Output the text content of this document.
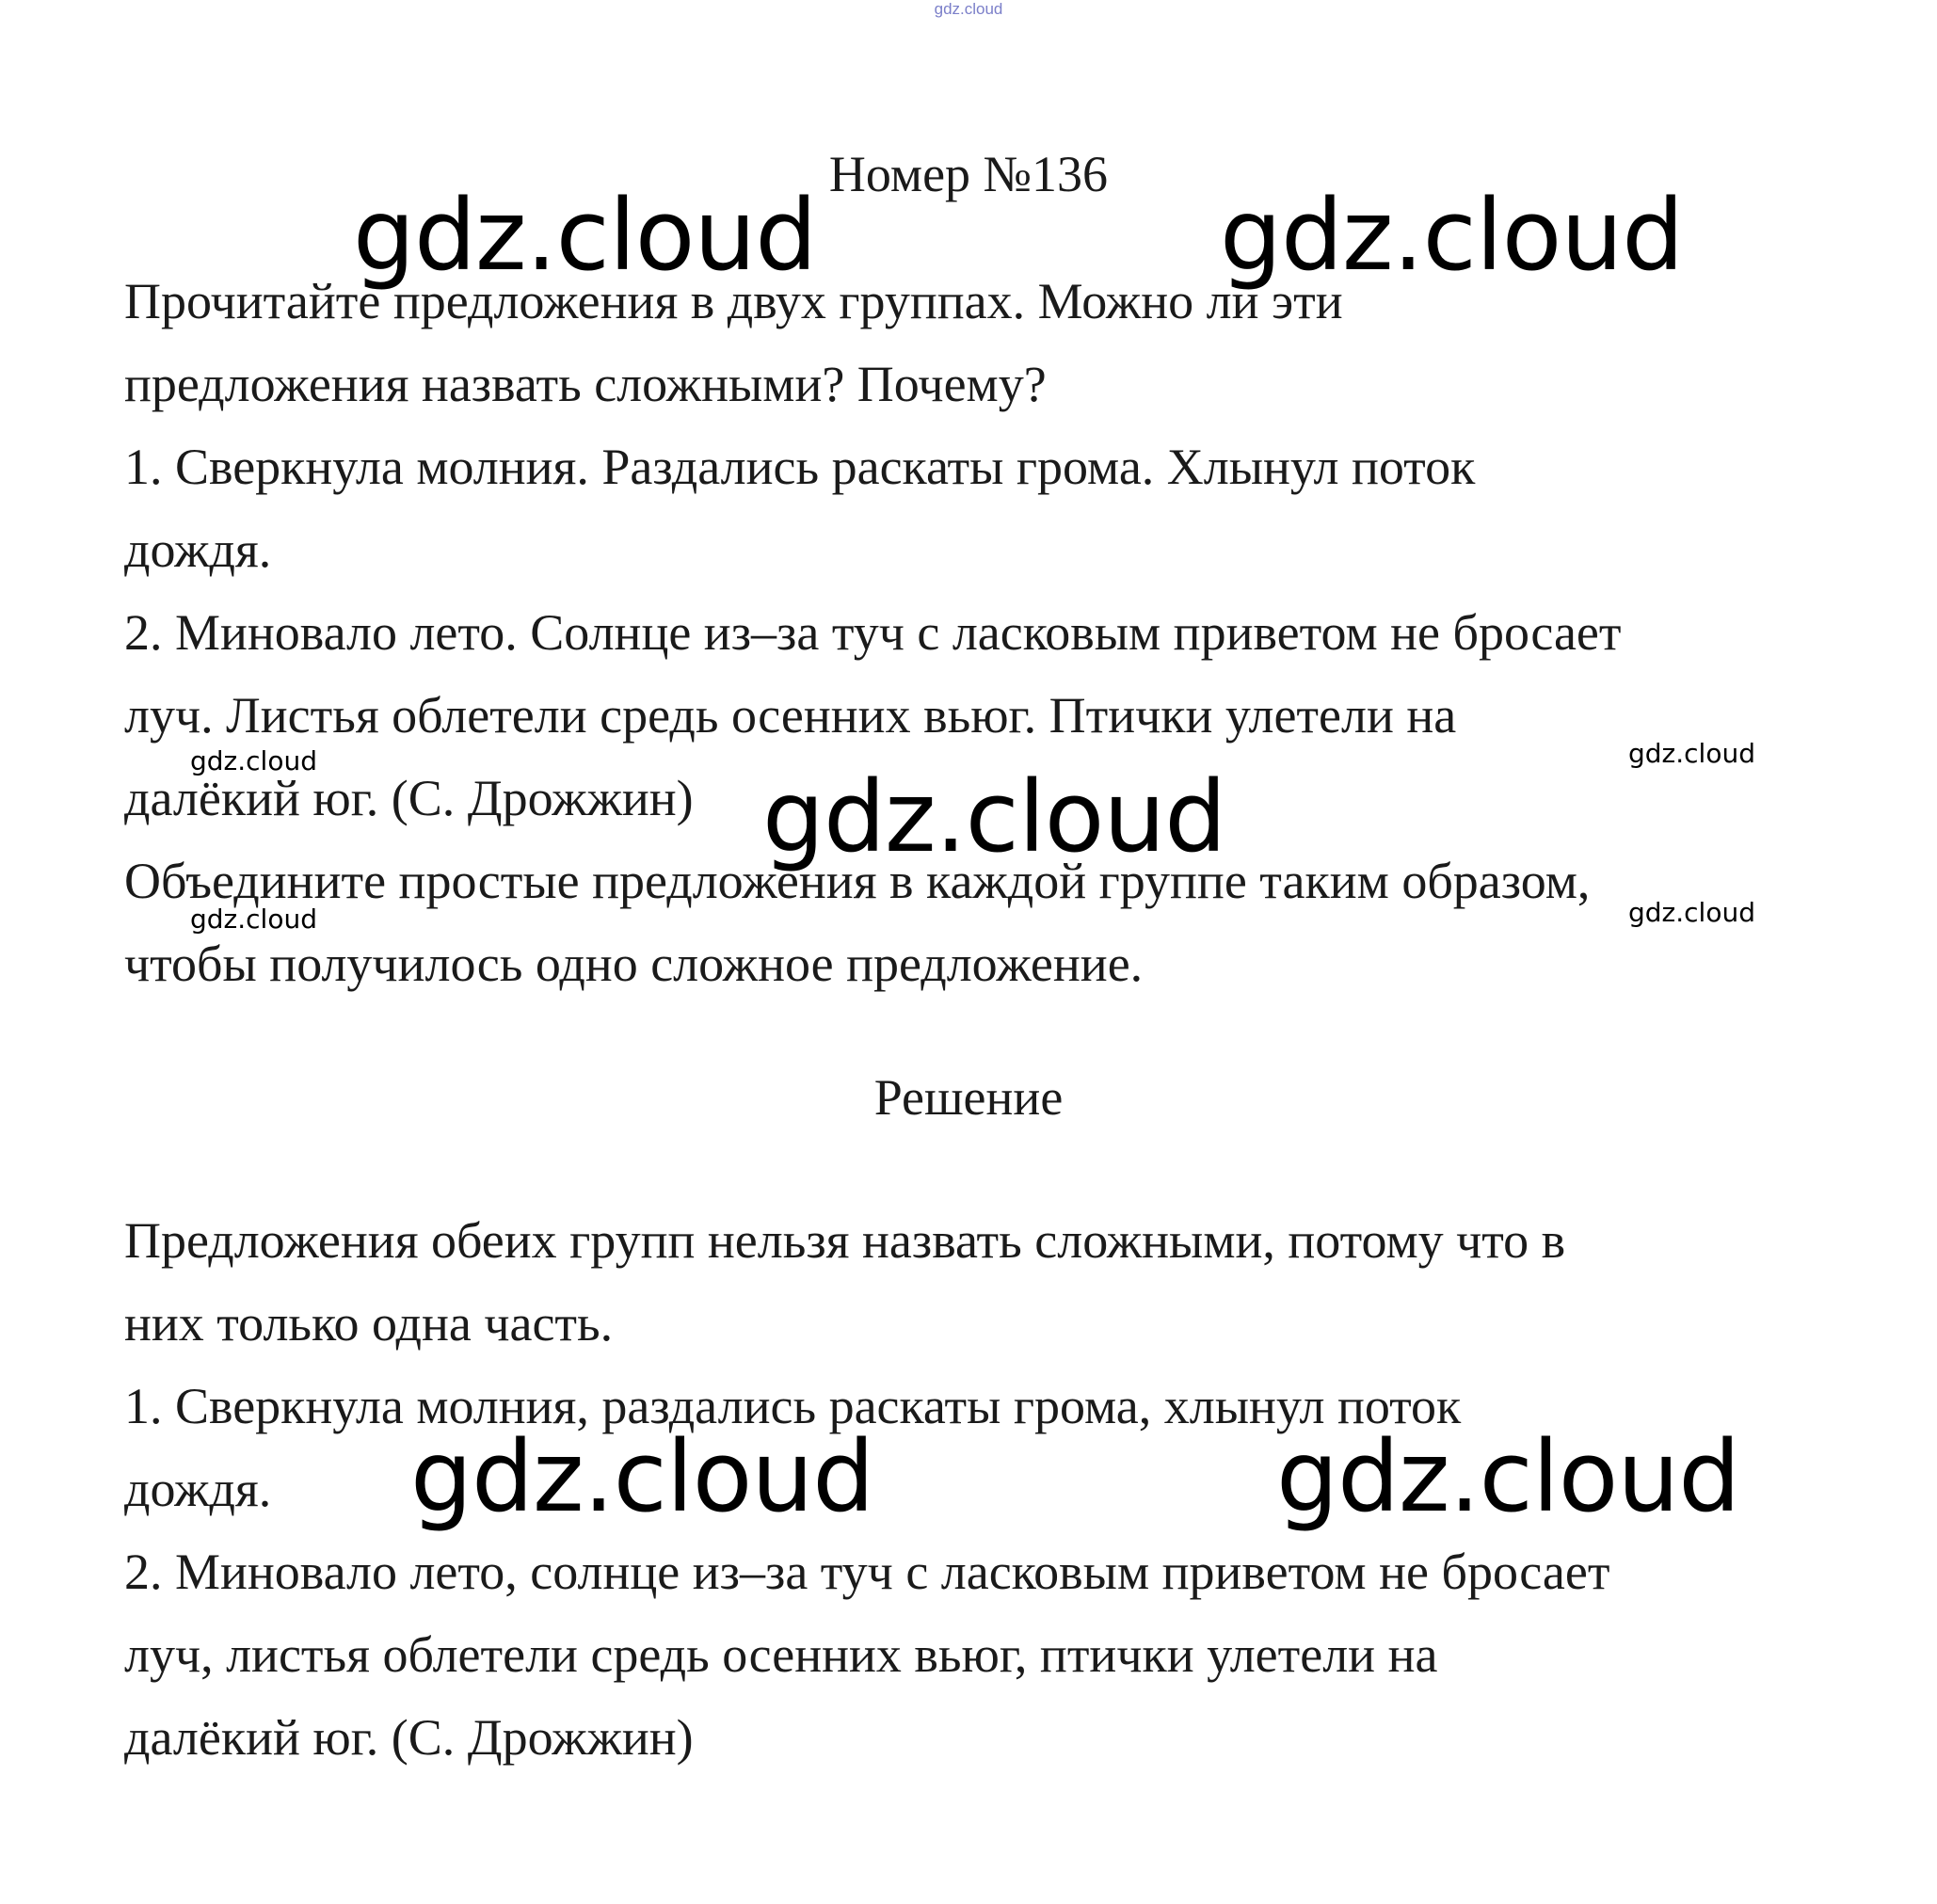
gdz.cloud
Номер №136
Прочитайте предложения в двух группах. Можно ли эти
предложения назвать сложными? Почему?
1. Сверкнула молния. Раздались раскаты грома. Хлынул поток
дождя.
2. Миновало лето. Солнце из–за туч с ласковым приветом не бросает
луч. Листья облетели средь осенних вьюг. Птички улетели на
далёкий юг. (С. Дрожжин)
Объедините простые предложения в каждой группе таким образом,
чтобы получилось одно сложное предложение.
Решение
Предложения обеих групп нельзя назвать сложными, потому что в
них только одна часть.
1. Сверкнула молния, раздались раскаты грома, хлынул поток
дождя.
2. Миновало лето, солнце из–за туч с ласковым приветом не бросает
луч, листья облетели средь осенних вьюг, птички улетели на
далёкий юг. (С. Дрожжин)
gdz.cloud	gdz.cloud
gdz.cloud
gdz.cloud	gdz.cloud
gdz.cloud	gdz.cloud
gdz.cloud	gdz.cloud
